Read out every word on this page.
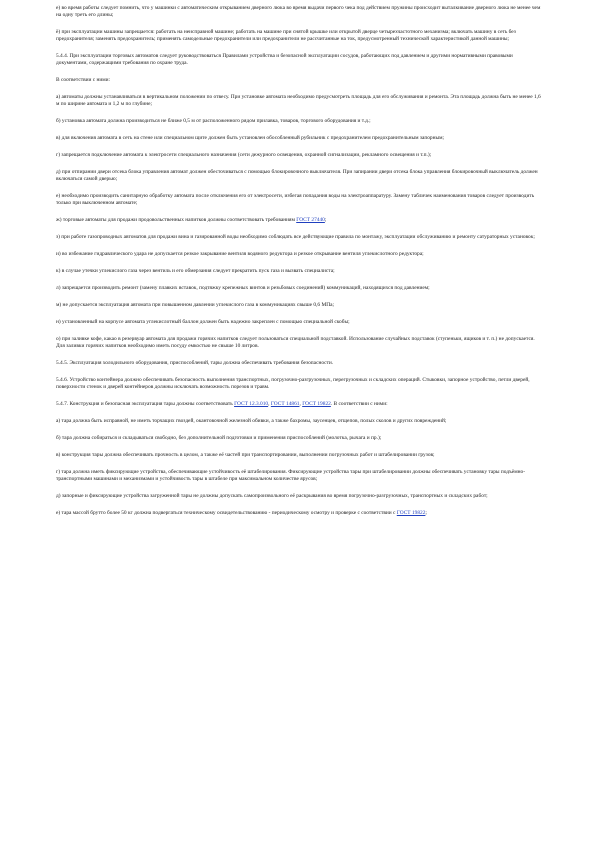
е) во время работы следует помнить, что у машинки с автоматическим открыванием дверного люка во время выдачи первого чека под действием пружины происходит выталкивание дверного люка не менее чем на одну треть его длины;

ё) при эксплуатации машины запрещается: работать на неисправной машине; работать на машине при снятой крышке или открытой дверце четырехчастотного механизма; включать машину в сеть без предохранителя; заменять предохранитель; применять самодельные предохранители или предохранители не рассчитанные на ток, предусмотренный технической характеристикой данной машины;

5.4.4. При эксплуатации торговых автоматов следует руководствоваться Правилами устройства и безопасной эксплуатации сосудов, работающих под давлением и другими нормативными правовыми документами, содержащими требования по охране труда.

В соответствии с ними:

а) автоматы должны устанавливаться в вертикальном положении по отвесу. При установке автомата необходимо предусмотреть площадь для его обслуживания и ремонта. Эта площадь должна быть не менее 1,6 м по ширине автомата и 1,2 м по глубине;

б) установка автомата должна производиться не ближе 0,5 м от расположенного рядом прилавка, товаров, торгового оборудования и т.д.;

в) для включения автомата в сеть на стене или специальном щите должен быть установлен обособленный рубильник с предохранителем предохранительным запорным;

г) запрещается подключение автомата к электросети специального назначения (сети дежурного освещения, охранной сигнализации, рекламного освещения и т.п.);

д) при отпирании двери отсека блока управления автомат должен обесточиваться с помощью блокировочного выключателя. При запирании двери отсека блока управления блокировочный выключатель должен включаться самой дверью;

е) необходимо производить санитарную обработку автомата после отключения его от электросети, избегая попадания воды на электроаппаратуру. Замену табличек наименования товаров следует производить только при выключенном автомате;

ж) торговые автоматы для продажи продовольственных напитков должны соответствовать требованиям ГОСТ 27440;

з) при работе газопроводных автоматов для продажи вина и газированной воды необходимо соблюдать все действующие правила по монтажу, эксплуатации обслуживанию и ремонту сатураторных установок;

и) во избежание гидравлического удара не допускается резкое закрывание вентиля водяного редуктора и резкое открывание вентиля углекислотного редуктора;

к) в случае утечки углекислого газа через вентиль и его обмерзания следует прекратить пуск газа и вызвать специалиста;

л) запрещается производить ремонт (замену плавких вставок, подтяжку крепежных винтов и резьбовых соединений) коммуникаций, находящихся под давлением;

м) не допускается эксплуатация автомата при повышенном давлении углекислого газа в коммуникациях свыше 0,6 МПа;

н) установленный на корпусе автомата углекислотный баллон должен быть надежно закреплен с помощью специальной скобы;

о) при заливке кофе, какао в резервуар автомата для продажи горячих напитков следует пользоваться специальной подставкой. Использование случайных подставок (ступеньки, ящиков и т. п.) не допускается. Для заливки горячих напитков необходимо иметь посуду емкостью не свыше 10 литров.

5.4.5. Эксплуатация холодильного оборудования, приспособлений, тары должна обеспечивать требования безопасности.

5.4.6. Устройство контейнера должно обеспечивать безопасность выполнения транспортных, погрузочно-разгрузочных, перегрузочных и складских операций. Стыковки, запорное устройство, петли дверей, поверхности стенок и дверей контейнеров должны исключать возможность порезов и травм.

5.4.7. Конструкция и безопасная эксплуатация тары должны соответствовать ГОСТ 12.3.010, ГОСТ 14861, ГОСТ 19822. В соответствии с ними:

а) тара должна быть исправной, не иметь торчащих гвоздей, окантовочной железной обивки, а также бахромы, заусенцев, отщепов, полых сколов и других повреждений;

б) тара должна собираться и складываться свободно, без дополнительной подготовки и применения приспособлений (молотка, рычага и пр.);

в) конструкция тары должна обеспечивать прочность в целом, а также её частей при транспортировании, выполнении погрузочных работ и штабелировании грузов;

г) тара должна иметь фиксирующие устройства, обеспечивающие устойчивость её штабелирования. Фиксирующие устройства тары при штабелировании должны обеспечивать установку тары подъёмно- транспортными машинами и механизмами и устойчивость тары в штабеле при максимальном количестве ярусов;

д) запорные и фиксирующие устройства загруженной тары не должны допускать самопроизвольного её раскрывания во время погрузочно-разгрузочных, транспортных и складских работ;

е) тара массой брутто более 50 кг должна подвергаться техническому освидетельствованию - периодическому осмотру и проверке с соответствии с ГОСТ 19822;
